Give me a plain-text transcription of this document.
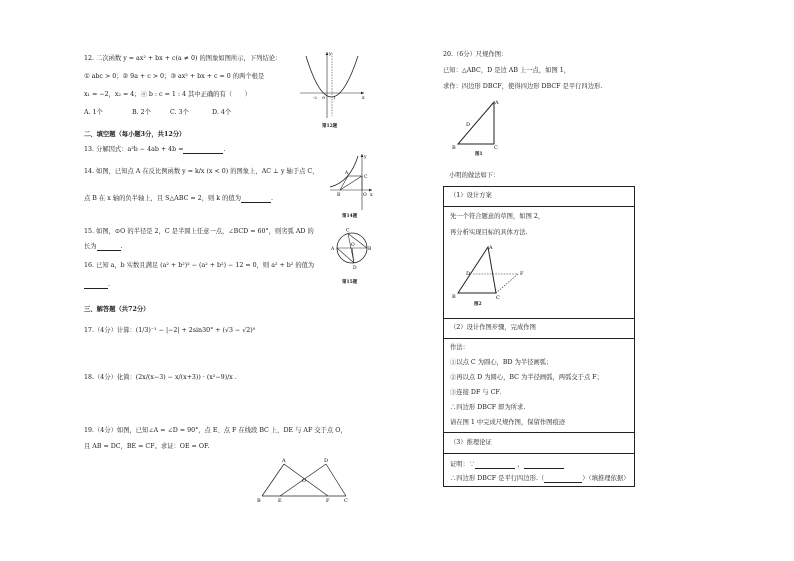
12. 二次函数 y = ax² + bx + c(a ≠ 0) 的图象如图所示，下列结论：
① abc > 0；② 9a + c > 0；③ ax² + bx + c = 0 的两个根是
x₁ = −2，x₂ = 4；④ b : c = 1 : 4 其中正确的有（　　）
A. 1个	B. 2个	C. 3个	D. 4个
y
x
-2 O 1
第12题
二、填空题（每小题3分，共12分）
13. 分解因式：a²b − 4ab + 4b =	.
14. 如图，已知点 A 在反比例函数 y = k/x (x < 0) 的图象上，AC ⊥ y 轴于点 C，
点 B 在 x 轴的负半轴上，且 S△ABC = 2，则 k 的值为	.
y
A
C
B	O x
第14题
15. 如图，⊙O 的半径是 2，C 是半圆上任意一点，∠BCD = 60°，则劣弧 AD 的
长为	.	A
C
O
B
D
第15题
16. 已知 a，b 实数且满足 (a² + b²)² − (a² + b²) − 12 = 0，则 a² + b² 的值为
.
三、解答题（共72分）
17.（4分）计算：(1/3)⁻¹ − |−2| + 2sin30° + (√3 − √2)⁰
18.（4分）化简：(2x/(x−3) − x/(x+3)) · (x²−9)/x .
19.（4分）如图，已知∠A = ∠D = 90°，点 E、点 F 在线段 BC 上，DE 与 AF 交于点 O，
且 AB = DC，BE = CF。求证：OE = OF.
A	D
O
B	E	F	C
20.（6分）尺规作图：
已知：△ABC，D 是边 AB 上一点，如图 1，
求作：四边形 DBCF，使得四边形 DBCF 是平行四边形.
A
D
B	C
图1
小明的做法如下：
（1）设计方案
先一个符合题意的草图，如图 2，
再分析实现目标的具体方法.
A
D	F
B	C
图2
（2）设计作图步骤，完成作图
作法：
①以点 C 为圆心，BD 为半径画弧；
②再以点 D 为圆心，BC 为半径画弧，两弧交于点 F；
③连接 DF 与 CF．
∴四边形 DBCF 即为所求.
请在图 1 中完成尺规作图，保留作图痕迹
（3）推理论证
证明：∵	，
∴四边形 DBCF 是平行四边形.（	）（填推理依据）
